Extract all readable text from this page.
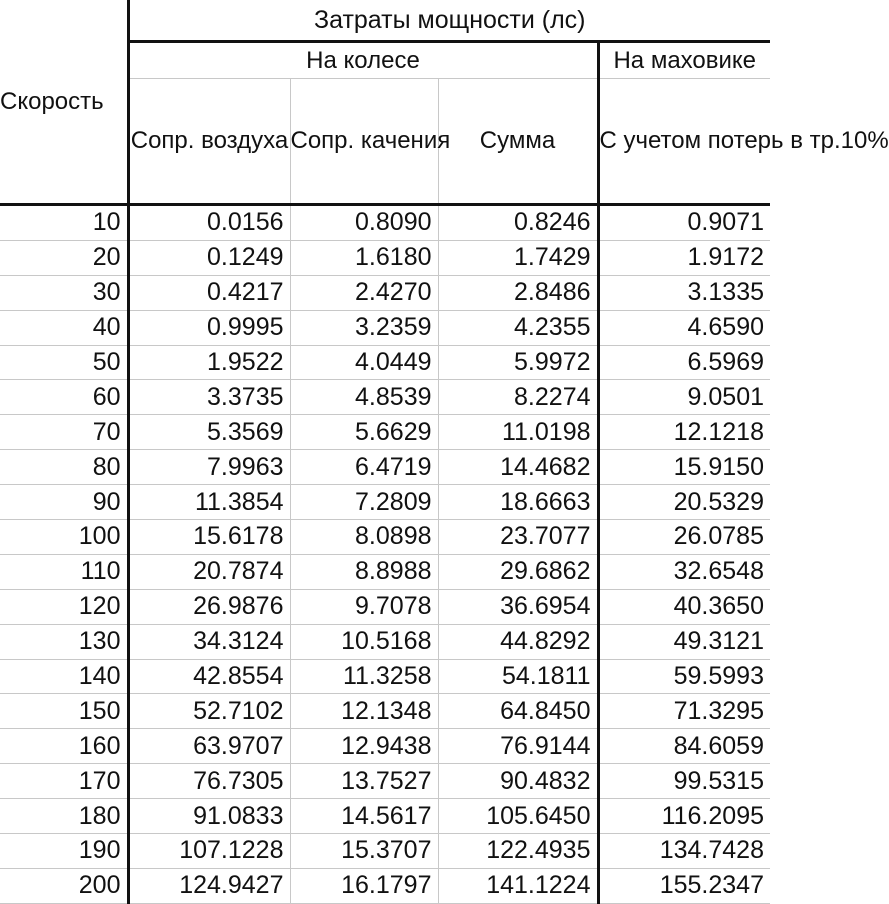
Скорость	Затраты мощности (лс)			
	На колесе			На маховике
	Сопр. воздуха	Сопр. качения	Сумма	С учетом потерь в тр.10%
10	0.0156	0.8090	0.8246	0.9071
20	0.1249	1.6180	1.7429	1.9172
30	0.4217	2.4270	2.8486	3.1335
40	0.9995	3.2359	4.2355	4.6590
50	1.9522	4.0449	5.9972	6.5969
60	3.3735	4.8539	8.2274	9.0501
70	5.3569	5.6629	11.0198	12.1218
80	7.9963	6.4719	14.4682	15.9150
90	11.3854	7.2809	18.6663	20.5329
100	15.6178	8.0898	23.7077	26.0785
110	20.7874	8.8988	29.6862	32.6548
120	26.9876	9.7078	36.6954	40.3650
130	34.3124	10.5168	44.8292	49.3121
140	42.8554	11.3258	54.1811	59.5993
150	52.7102	12.1348	64.8450	71.3295
160	63.9707	12.9438	76.9144	84.6059
170	76.7305	13.7527	90.4832	99.5315
180	91.0833	14.5617	105.6450	116.2095
190	107.1228	15.3707	122.4935	134.7428
200	124.9427	16.1797	141.1224	155.2347
